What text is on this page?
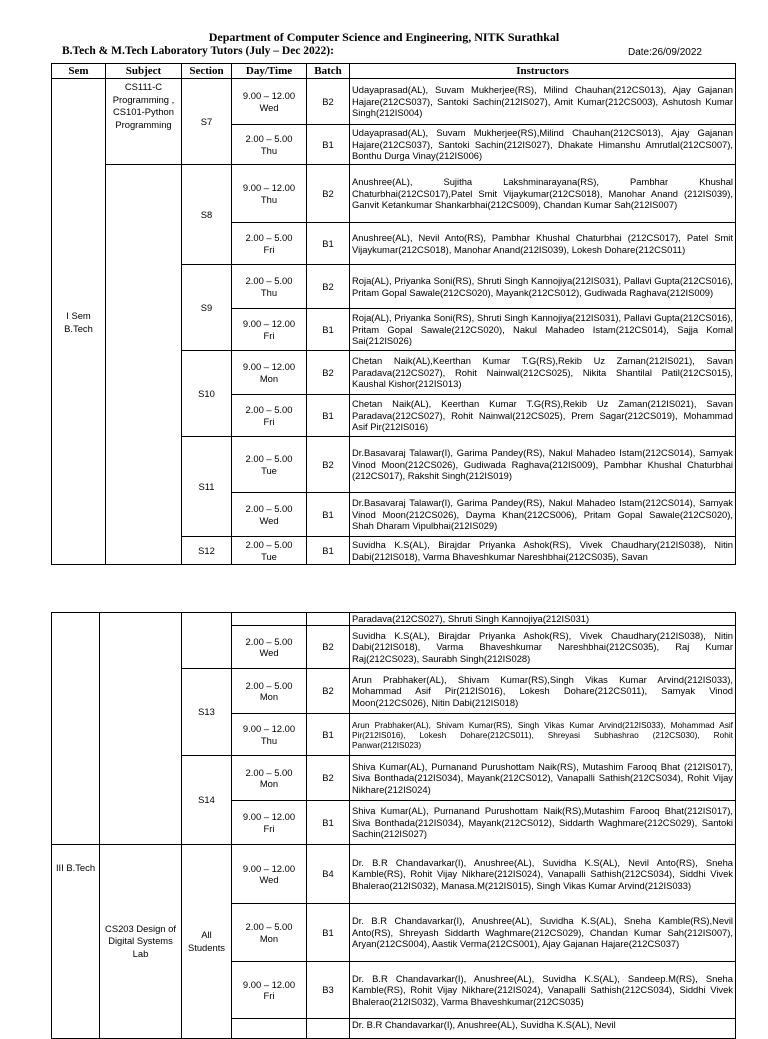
Department of Computer Science and Engineering, NITK Surathkal
B.Tech & M.Tech Laboratory Tutors (July – Dec 2022):	Date:26/09/2022
Sem	Subject	Section	Day/Time	Batch	Instructors
I Sem B.Tech	CS111-C Programming , CS101-Python Programming	S7	9.00 – 12.00
Wed	B2	Udayaprasad(AL), Suvam Mukherjee(RS), Milind Chauhan(212CS013), Ajay Gajanan Hajare(212CS037), Santoki Sachin(212IS027), Amit Kumar(212CS003), Ashutosh Kumar Singh(212IS004)
			2.00 – 5.00
Thu	B1	Udayaprasad(AL), Suvam Mukherjee(RS),Milind Chauhan(212CS013), Ajay Gajanan Hajare(212CS037), Santoki Sachin(212IS027), Dhakate Himanshu Amrutlal(212CS007), Bonthu Durga Vinay(212IS006)
		S8	9.00 – 12.00
Thu	B2	Anushree(AL), Sujitha Lakshminarayana(RS), Pambhar Khushal Chaturbhai(212CS017),Patel Smit Vijaykumar(212CS018), Manohar Anand (212IS039), Ganvit Ketankumar Shankarbhai(212CS009), Chandan Kumar Sah(212IS007)
			2.00 – 5.00
Fri	B1	Anushree(AL), Nevil Anto(RS), Pambhar Khushal Chaturbhai (212CS017), Patel Smit Vijaykumar(212CS018), Manohar Anand(212IS039), Lokesh Dohare(212CS011)
		S9	2.00 – 5.00
Thu	B2	Roja(AL), Priyanka Soni(RS), Shruti Singh Kannojiya(212IS031), Pallavi Gupta(212CS016), Pritam Gopal Sawale(212CS020), Mayank(212CS012), Gudiwada Raghava(212IS009)
			9.00 – 12.00
Fri	B1	Roja(AL), Priyanka Soni(RS), Shruti Singh Kannojiya(212IS031), Pallavi Gupta(212CS016), Pritam Gopal Sawale(212CS020), Nakul Mahadeo Istam(212CS014), Sajja Komal Sai(212IS026)
		S10	9.00 – 12.00
Mon	B2	Chetan Naik(AL),Keerthan Kumar T.G(RS),Rekib Uz Zaman(212IS021), Savan Paradava(212CS027), Rohit Nainwal(212CS025), Nikita Shantilal Patil(212CS015), Kaushal Kishor(212IS013)
			2.00 – 5.00
Fri	B1	Chetan Naik(AL), Keerthan Kumar T.G(RS),Rekib Uz Zaman(212IS021), Savan Paradava(212CS027), Rohit Nainwal(212CS025), Prem Sagar(212CS019), Mohammad Asif Pir(212IS016)
		S11	2.00 – 5.00
Tue	B2	Dr.Basavaraj Talawar(I), Garima Pandey(RS), Nakul Mahadeo Istam(212CS014), Samyak Vinod Moon(212CS026), Gudiwada Raghava(212IS009), Pambhar Khushal Chaturbhai (212CS017), Rakshit Singh(212IS019)
			2.00 – 5.00
Wed	B1	Dr.Basavaraj Talawar(I), Garima Pandey(RS), Nakul Mahadeo Istam(212CS014), Samyak Vinod Moon(212CS026), Dayma Khan(212CS006), Pritam Gopal Sawale(212CS020), Shah Dharam Vipulbhai(212IS029)
		S12	2.00 – 5.00
Tue	B1	Suvidha K.S(AL), Birajdar Priyanka Ashok(RS), Vivek Chaudhary(212IS038), Nitin Dabi(212IS018), Varma Bhaveshkumar Nareshbhai(212CS035), Savan
					Paradava(212CS027), Shruti Singh Kannojiya(212IS031)
			2.00 – 5.00
Wed	B2	Suvidha K.S(AL), Birajdar Priyanka Ashok(RS), Vivek Chaudhary(212IS038), Nitin Dabi(212IS018), Varma Bhaveshkumar Nareshbhai(212CS035), Raj Kumar Raj(212CS023), Saurabh Singh(212IS028)
		S13	2.00 – 5.00
Mon	B2	Arun Prabhaker(AL), Shivam Kumar(RS),Singh Vikas Kumar Arvind(212IS033), Mohammad Asif Pir(212IS016), Lokesh Dohare(212CS011), Samyak Vinod Moon(212CS026), Nitin Dabi(212IS018)
			9.00 – 12.00
Thu	B1	Arun Prabhaker(AL), Shivam Kumar(RS), Singh Vikas Kumar Arvind(212IS033), Mohammad Asif Pir(212IS016), Lokesh Dohare(212CS011), Shreyasi Subhashrao (212CS030), Rohit Panwar(212IS023)
		S14	2.00 – 5.00
Mon	B2	Shiva Kumar(AL), Purnanand Purushottam Naik(RS), Mutashim Farooq Bhat (212IS017), Siva Bonthada(212IS034), Mayank(212CS012), Vanapalli Sathish(212CS034), Rohit Vijay Nikhare(212IS024)
			9.00 – 12.00
Fri	B1	Shiva Kumar(AL), Purnanand Purushottam Naik(RS),Mutashim Farooq Bhat(212IS017), Siva Bonthada(212IS034), Mayank(212CS012), Siddarth Waghmare(212CS029), Santoki Sachin(212IS027)
III B.Tech	CS203 Design of Digital Systems Lab	All Students	9.00 – 12.00
Wed	B4	Dr. B.R Chandavarkar(I), Anushree(AL), Suvidha K.S(AL), Nevil Anto(RS), Sneha Kamble(RS), Rohit Vijay Nikhare(212IS024), Vanapalli Sathish(212CS034), Siddhi Vivek Bhalerao(212IS032), Manasa.M(212IS015), Singh Vikas Kumar Arvind(212IS033)
			2.00 – 5.00
Mon	B1	Dr. B.R Chandavarkar(I), Anushree(AL), Suvidha K.S(AL), Sneha Kamble(RS),Nevil Anto(RS), Shreyash Siddarth Waghmare(212CS029), Chandan Kumar Sah(212IS007), Aryan(212CS004), Aastik Verma(212CS001), Ajay Gajanan Hajare(212CS037)
			9.00 – 12.00
Fri	B3	Dr. B.R Chandavarkar(I), Anushree(AL), Suvidha K.S(AL), Sandeep.M(RS), Sneha Kamble(RS), Rohit Vijay Nikhare(212IS024), Vanapalli Sathish(212CS034), Siddhi Vivek Bhalerao(212IS032), Varma Bhaveshkumar(212CS035)
					Dr. B.R Chandavarkar(I), Anushree(AL), Suvidha K.S(AL), Nevil
